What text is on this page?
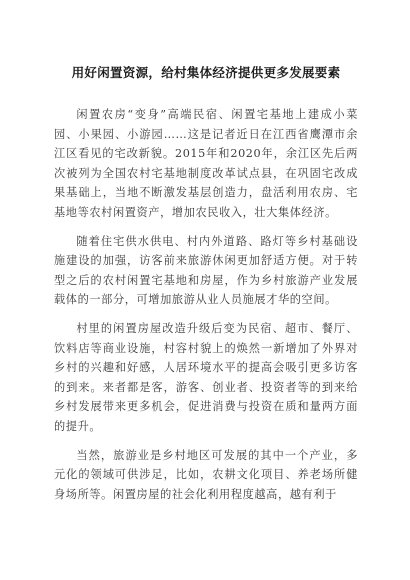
用好闲置资源，给村集体经济提供更多发展要素

闲置农房“变身”高端民宿、闲置宅基地上建成小菜园、小果园、小游园……这是记者近日在江西省鹰潭市余江区看见的宅改新貌。2015年和2020年，余江区先后两次被列为全国农村宅基地制度改革试点县，在巩固宅改成果基础上，当地不断激发基层创造力，盘活利用农房、宅基地等农村闲置资产，增加农民收入，壮大集体经济。

随着住宅供水供电、村内外道路、路灯等乡村基础设施建设的加强，访客前来旅游休闲更加舒适方便。对于转型之后的农村闲置宅基地和房屋，作为乡村旅游产业发展载体的一部分，可增加旅游从业人员施展才华的空间。

村里的闲置房屋改造升级后变为民宿、超市、餐厅、饮料店等商业设施，村容村貌上的焕然一新增加了外界对乡村的兴趣和好感，人居环境水平的提高会吸引更多访客的到来。来者都是客，游客、创业者、投资者等的到来给乡村发展带来更多机会，促进消费与投资在质和量两方面的提升。

当然，旅游业是乡村地区可发展的其中一个产业，多元化的领域可供涉足，比如，农耕文化项目、养老场所健身场所等。闲置房屋的社会化利用程度越高，越有利于
